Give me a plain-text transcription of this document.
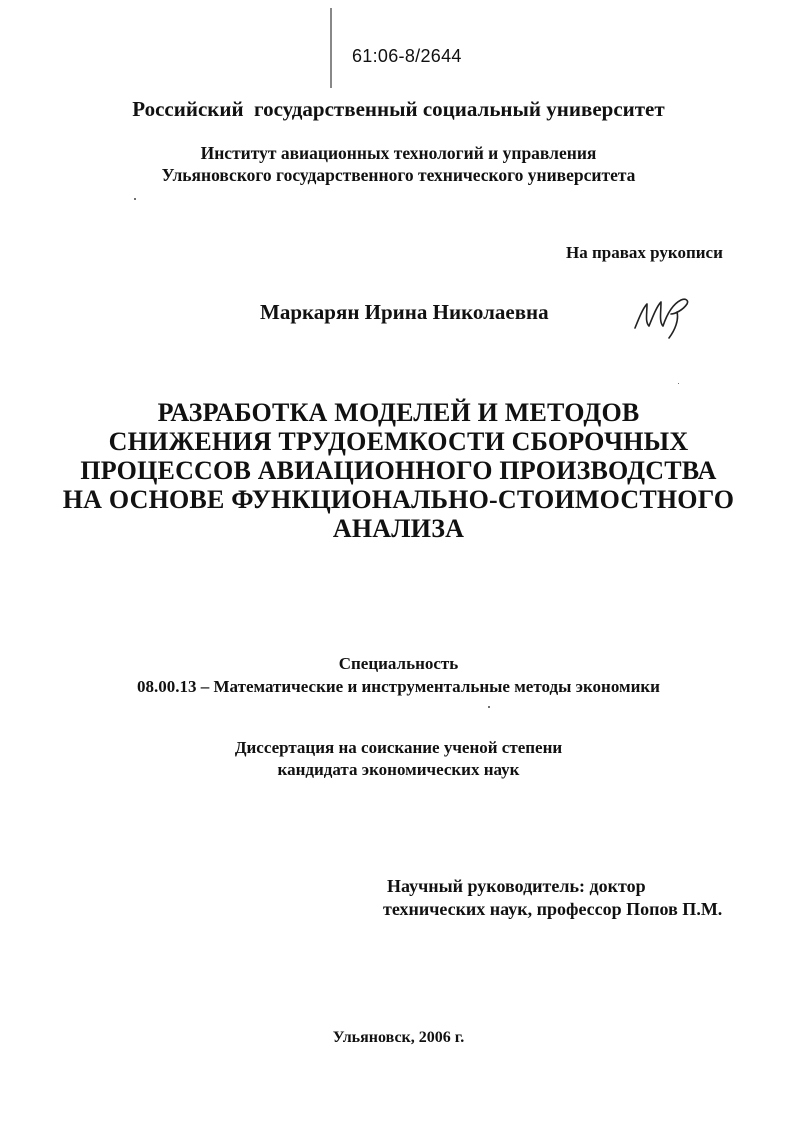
61:06-8/2644
Российский  государственный социальный университет
Институт авиационных технологий и управления
Ульяновского государственного технического университета
На правах рукописи
Маркарян Ирина Николаевна
РАЗРАБОТКА МОДЕЛЕЙ И МЕТОДОВ
СНИЖЕНИЯ ТРУДОЕМКОСТИ СБОРОЧНЫХ
ПРОЦЕССОВ АВИАЦИОННОГО ПРОИЗВОДСТВА
НА ОСНОВЕ ФУНКЦИОНАЛЬНО-СТОИМОСТНОГО
АНАЛИЗА
Специальность
08.00.13 – Математические и инструментальные методы экономики
Диссертация на соискание ученой степени
кандидата экономических наук
Научный руководитель: доктор
технических наук, профессор Попов П.М.
Ульяновск, 2006 г.
